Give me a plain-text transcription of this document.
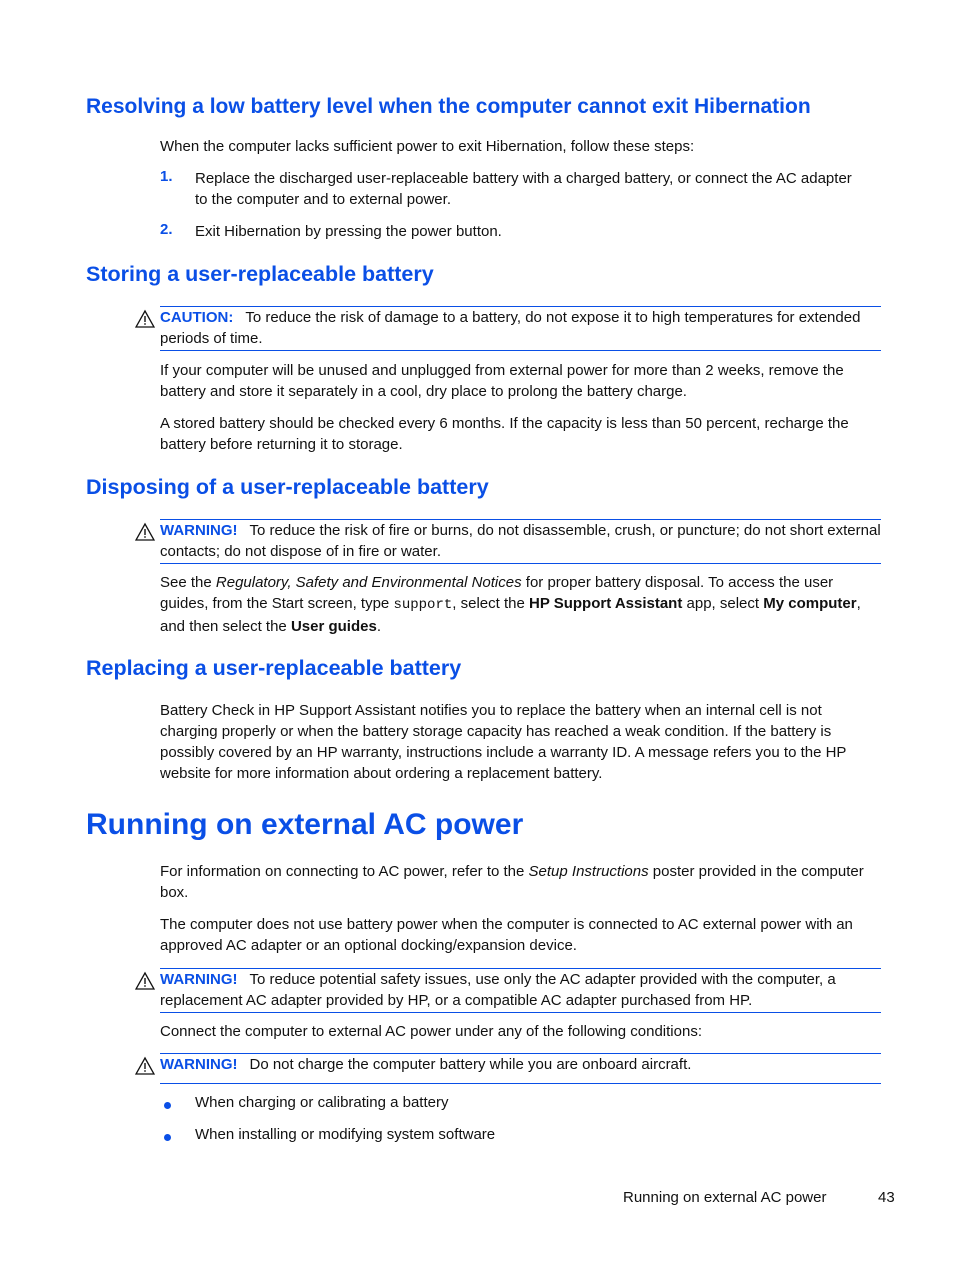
Resolving a low battery level when the computer cannot exit Hibernation
When the computer lacks sufficient power to exit Hibernation, follow these steps:
1. Replace the discharged user-replaceable battery with a charged battery, or connect the AC adapter to the computer and to external power.
2. Exit Hibernation by pressing the power button.
Storing a user-replaceable battery
CAUTION: To reduce the risk of damage to a battery, do not expose it to high temperatures for extended periods of time.
If your computer will be unused and unplugged from external power for more than 2 weeks, remove the battery and store it separately in a cool, dry place to prolong the battery charge.
A stored battery should be checked every 6 months. If the capacity is less than 50 percent, recharge the battery before returning it to storage.
Disposing of a user-replaceable battery
WARNING! To reduce the risk of fire or burns, do not disassemble, crush, or puncture; do not short external contacts; do not dispose of in fire or water.
See the Regulatory, Safety and Environmental Notices for proper battery disposal. To access the user guides, from the Start screen, type support, select the HP Support Assistant app, select My computer, and then select the User guides.
Replacing a user-replaceable battery
Battery Check in HP Support Assistant notifies you to replace the battery when an internal cell is not charging properly or when the battery storage capacity has reached a weak condition. If the battery is possibly covered by an HP warranty, instructions include a warranty ID. A message refers you to the HP website for more information about ordering a replacement battery.
Running on external AC power
For information on connecting to AC power, refer to the Setup Instructions poster provided in the computer box.
The computer does not use battery power when the computer is connected to AC external power with an approved AC adapter or an optional docking/expansion device.
WARNING! To reduce potential safety issues, use only the AC adapter provided with the computer, a replacement AC adapter provided by HP, or a compatible AC adapter purchased from HP.
Connect the computer to external AC power under any of the following conditions:
WARNING! Do not charge the computer battery while you are onboard aircraft.
When charging or calibrating a battery
When installing or modifying system software
Running on external AC power	43
